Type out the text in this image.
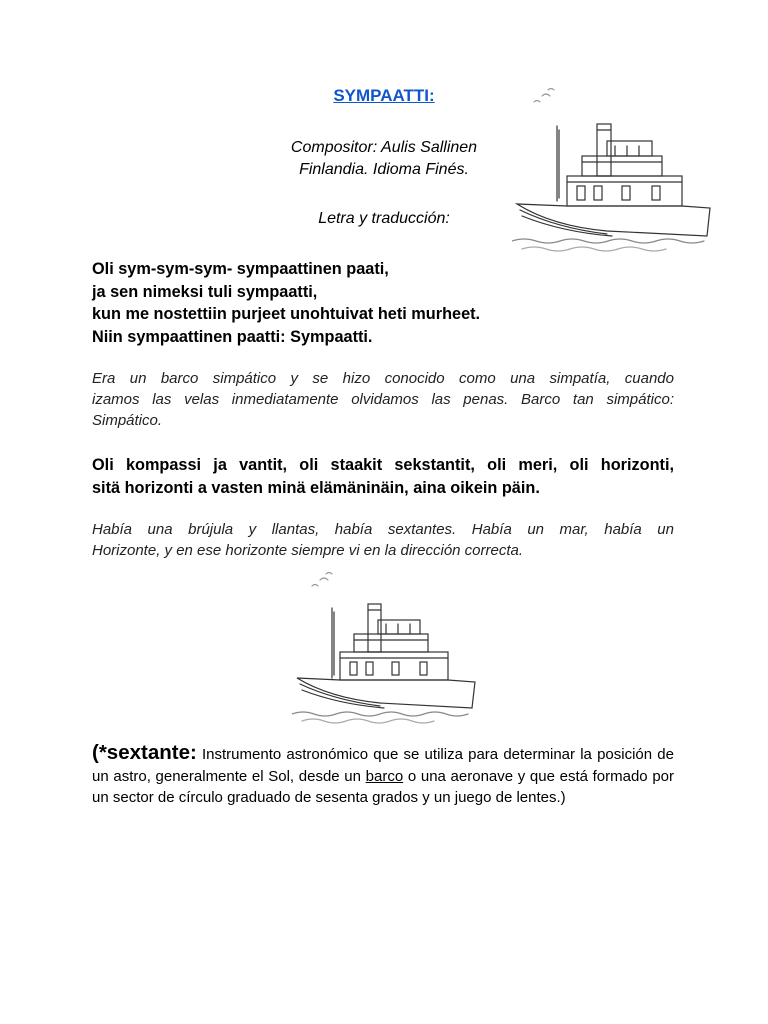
SYMPAATTI:
Compositor: Aulis Sallinen
Finlandia. Idioma Finés.
Letra y traducción:
Oli sym-sym-sym- sympaattinen paati,
ja sen nimeksi tuli sympaatti,
kun me nostettiin purjeet unohtuivat heti murheet.
Niin sympaattinen paatti: Sympaatti.
Era un barco simpático y se hizo conocido como una simpatía, cuando
izamos las velas inmediatamente olvidamos las penas. Barco tan simpático:
Simpático.
Oli kompassi ja vantit, oli staakit sekstantit, oli meri, oli horizonti,
sitä horizonti a vasten minä elämäninäin, aina oikein päin.
Había una brújula y llantas, había sextantes. Había un mar, había un
Horizonte, y en ese horizonte siempre vi en la dirección correcta.
(*sextante: Instrumento astronómico que se utiliza para determinar la posición de un astro, generalmente el Sol, desde un barco o una aeronave y que está formado por un sector de círculo graduado de sesenta grados y un juego de lentes.)
